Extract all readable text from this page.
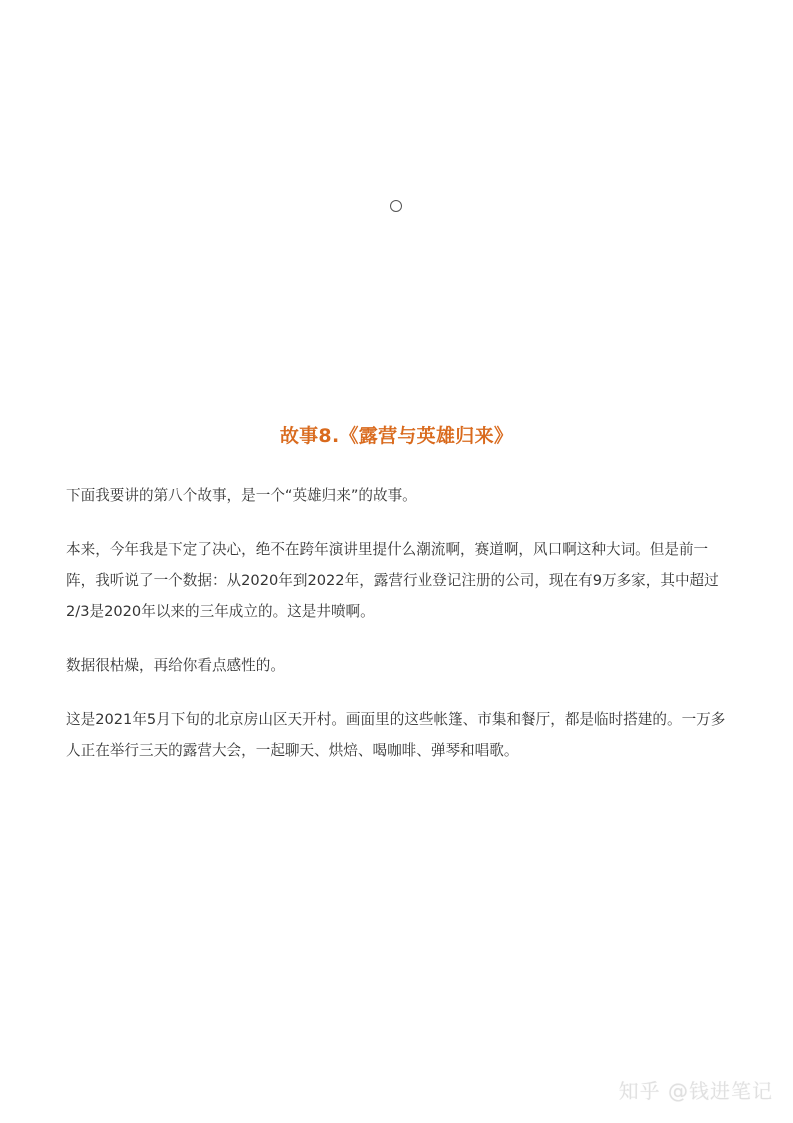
故事8.《露营与英雄归来》

下面我要讲的第八个故事，是一个“英雄归来”的故事。

本来，今年我是下定了决心，绝不在跨年演讲里提什么潮流啊，赛道啊，风口啊这种大词。但是前一阵，我听说了一个数据：从2020年到2022年，露营行业登记注册的公司，现在有9万多家，其中超过2/3是2020年以来的三年成立的。这是井喷啊。

数据很枯燥，再给你看点感性的。

这是2021年5月下旬的北京房山区天开村。画面里的这些帐篷、市集和餐厅，都是临时搭建的。一万多人正在举行三天的露营大会，一起聊天、烘焙、喝咖啡、弹琴和唱歌。

知乎 @钱进笔记
